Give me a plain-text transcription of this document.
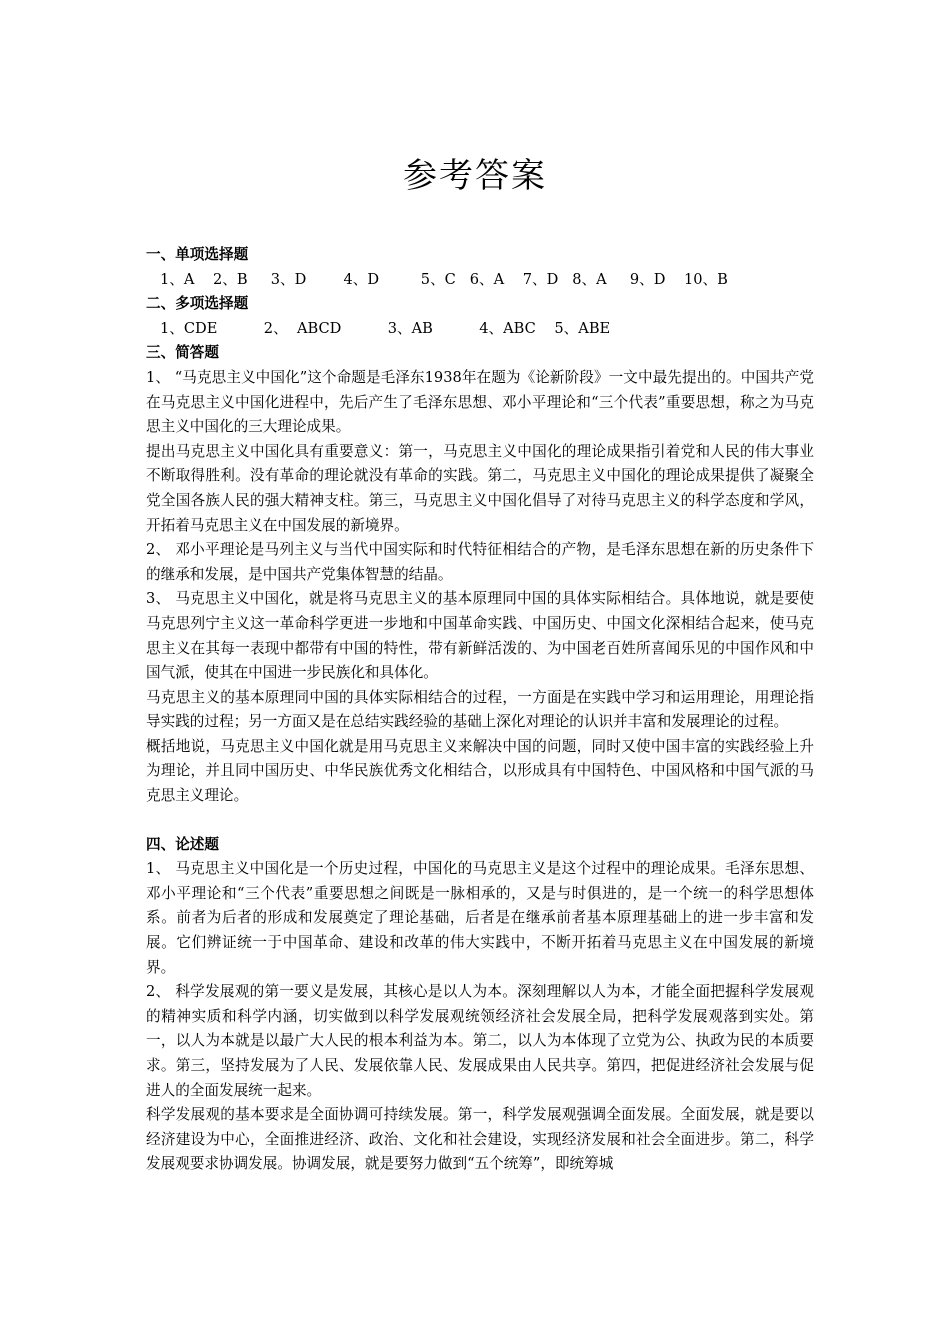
参考答案

一、单项选择题

1、A    2、B     3、D        4、D         5、C   6、A    7、D   8、A     9、D    10、B

二、多项选择题

1、CDE          2、  ABCD          3、AB          4、ABC    5、ABE

三、简答题

1、 “马克思主义中国化”这个命题是毛泽东1938年在题为《论新阶段》一文中最先提出的。中国共产党在马克思主义中国化进程中，先后产生了毛泽东思想、邓小平理论和“三个代表”重要思想，称之为马克思主义中国化的三大理论成果。

提出马克思主义中国化具有重要意义：第一，马克思主义中国化的理论成果指引着党和人民的伟大事业不断取得胜利。没有革命的理论就没有革命的实践。第二，马克思主义中国化的理论成果提供了凝聚全党全国各族人民的强大精神支柱。第三，马克思主义中国化倡导了对待马克思主义的科学态度和学风，开拓着马克思主义在中国发展的新境界。

2、 邓小平理论是马列主义与当代中国实际和时代特征相结合的产物，是毛泽东思想在新的历史条件下的继承和发展，是中国共产党集体智慧的结晶。

3、 马克思主义中国化，就是将马克思主义的基本原理同中国的具体实际相结合。具体地说，就是要使马克思列宁主义这一革命科学更进一步地和中国革命实践、中国历史、中国文化深相结合起来，使马克思主义在其每一表现中都带有中国的特性，带有新鲜活泼的、为中国老百姓所喜闻乐见的中国作风和中国气派，使其在中国进一步民族化和具体化。

马克思主义的基本原理同中国的具体实际相结合的过程，一方面是在实践中学习和运用理论，用理论指导实践的过程；另一方面又是在总结实践经验的基础上深化对理论的认识并丰富和发展理论的过程。

概括地说，马克思主义中国化就是用马克思主义来解决中国的问题，同时又使中国丰富的实践经验上升为理论，并且同中国历史、中华民族优秀文化相结合，以形成具有中国特色、中国风格和中国气派的马克思主义理论。

四、论述题

1、 马克思主义中国化是一个历史过程，中国化的马克思主义是这个过程中的理论成果。毛泽东思想、邓小平理论和“三个代表”重要思想之间既是一脉相承的，又是与时俱进的，是一个统一的科学思想体系。前者为后者的形成和发展奠定了理论基础，后者是在继承前者基本原理基础上的进一步丰富和发展。它们辨证统一于中国革命、建设和改革的伟大实践中，不断开拓着马克思主义在中国发展的新境界。

2、 科学发展观的第一要义是发展，其核心是以人为本。深刻理解以人为本，才能全面把握科学发展观的精神实质和科学内涵，切实做到以科学发展观统领经济社会发展全局，把科学发展观落到实处。第一，以人为本就是以最广大人民的根本利益为本。第二，以人为本体现了立党为公、执政为民的本质要求。第三，坚持发展为了人民、发展依靠人民、发展成果由人民共享。第四，把促进经济社会发展与促进人的全面发展统一起来。

科学发展观的基本要求是全面协调可持续发展。第一，科学发展观强调全面发展。全面发展，就是要以经济建设为中心，全面推进经济、政治、文化和社会建设，实现经济发展和社会全面进步。第二，科学发展观要求协调发展。协调发展，就是要努力做到“五个统筹”，即统筹城
